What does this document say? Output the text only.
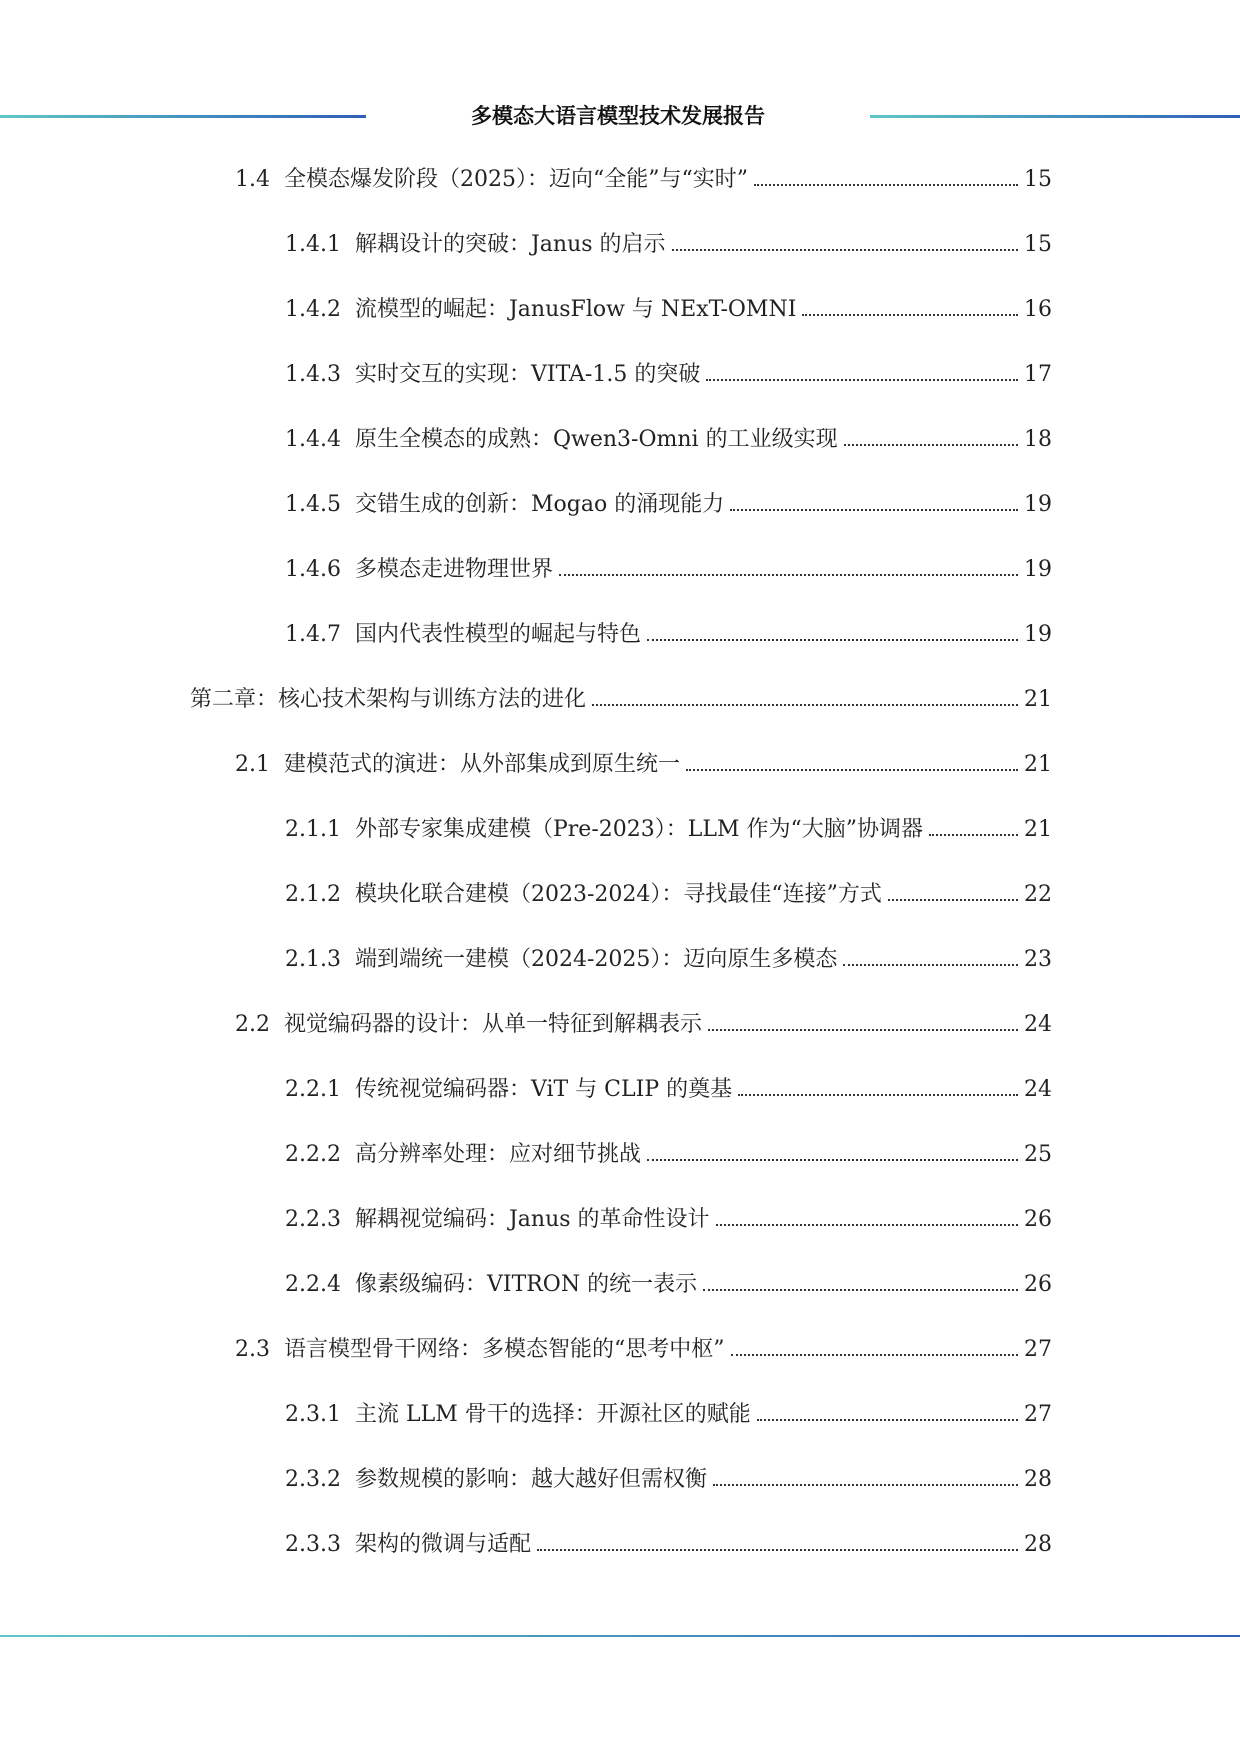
多模态大语言模型技术发展报告
1.4 全模态爆发阶段（2025）：迈向“全能”与“实时”	15
1.4.1 解耦设计的突破：Janus 的启示	15
1.4.2 流模型的崛起：JanusFlow 与 NExT-OMNI	16
1.4.3 实时交互的实现：VITA-1.5 的突破	17
1.4.4 原生全模态的成熟：Qwen3-Omni 的工业级实现	18
1.4.5 交错生成的创新：Mogao 的涌现能力	19
1.4.6 多模态走进物理世界	19
1.4.7 国内代表性模型的崛起与特色	19
第二章：核心技术架构与训练方法的进化	21
2.1 建模范式的演进：从外部集成到原生统一	21
2.1.1 外部专家集成建模（Pre-2023）：LLM 作为“大脑”协调器	21
2.1.2 模块化联合建模（2023-2024）：寻找最佳“连接”方式	22
2.1.3 端到端统一建模（2024-2025）：迈向原生多模态	23
2.2 视觉编码器的设计：从单一特征到解耦表示	24
2.2.1 传统视觉编码器：ViT 与 CLIP 的奠基	24
2.2.2 高分辨率处理：应对细节挑战	25
2.2.3 解耦视觉编码：Janus 的革命性设计	26
2.2.4 像素级编码：VITRON 的统一表示	26
2.3 语言模型骨干网络：多模态智能的“思考中枢”	27
2.3.1 主流 LLM 骨干的选择：开源社区的赋能	27
2.3.2 参数规模的影响：越大越好但需权衡	28
2.3.3 架构的微调与适配	28
